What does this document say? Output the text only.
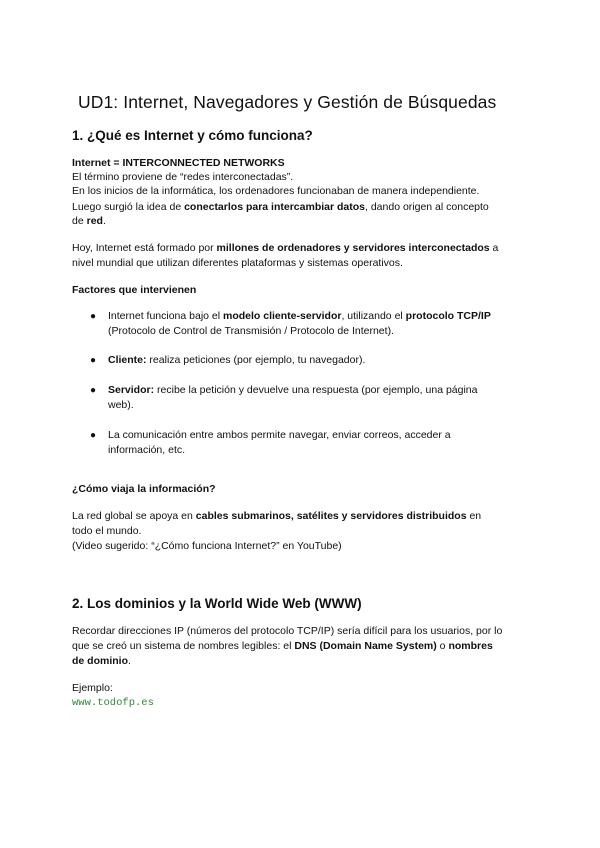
UD1: Internet, Navegadores y Gestión de Búsquedas
1. ¿Qué es Internet y cómo funciona?
Internet = INTERCONNECTED NETWORKS
El término proviene de “redes interconectadas”.
En los inicios de la informática, los ordenadores funcionaban de manera independiente.
Luego surgió la idea de conectarlos para intercambiar datos, dando origen al concepto
de red.
Hoy, Internet está formado por millones de ordenadores y servidores interconectados a
nivel mundial que utilizan diferentes plataformas y sistemas operativos.
Factores que intervienen
● Internet funciona bajo el modelo cliente-servidor, utilizando el protocolo TCP/IP
(Protocolo de Control de Transmisión / Protocolo de Internet).
● Cliente: realiza peticiones (por ejemplo, tu navegador).
● Servidor: recibe la petición y devuelve una respuesta (por ejemplo, una página
web).
● La comunicación entre ambos permite navegar, enviar correos, acceder a
información, etc.
¿Cómo viaja la información?
La red global se apoya en cables submarinos, satélites y servidores distribuidos en
todo el mundo.
(Video sugerido: “¿Cómo funciona Internet?” en YouTube)
2. Los dominios y la World Wide Web (WWW)
Recordar direcciones IP (números del protocolo TCP/IP) sería difícil para los usuarios, por lo
que se creó un sistema de nombres legibles: el DNS (Domain Name System) o nombres
de dominio.
Ejemplo:
www.todofp.es
